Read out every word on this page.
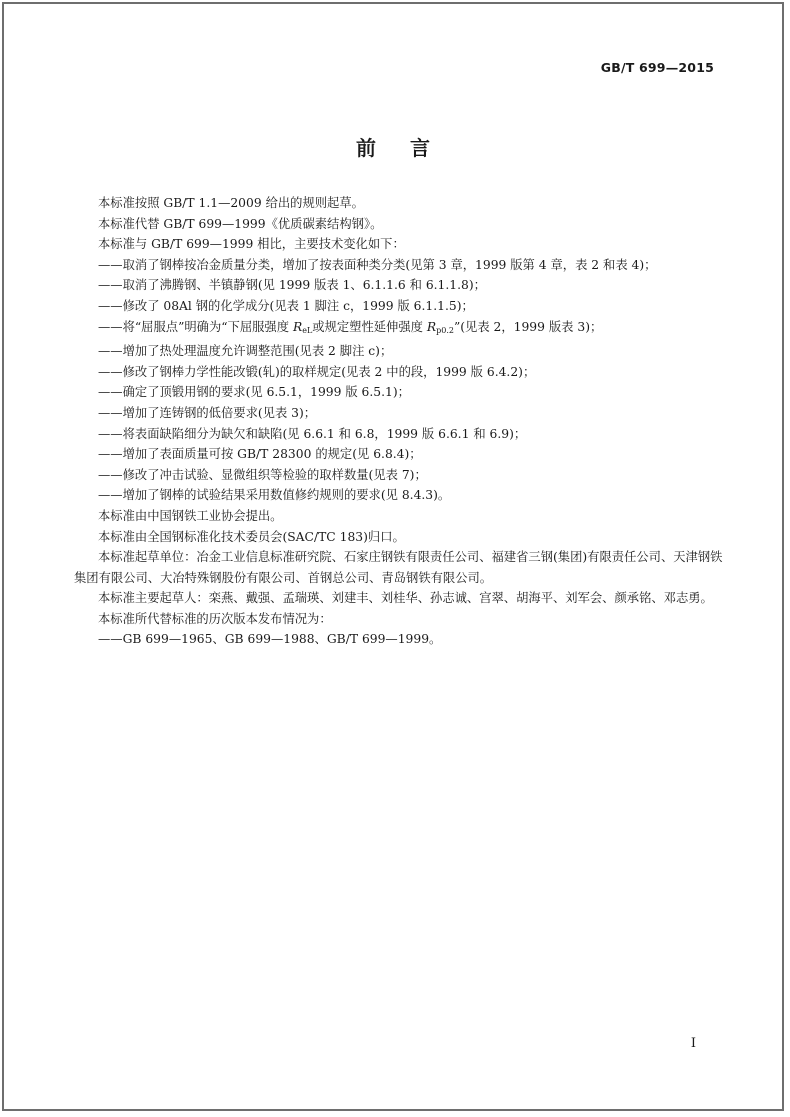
GB/T 699—2015
前言

本标准按照 GB/T 1.1—2009 给出的规则起草。

本标准代替 GB/T 699—1999《优质碳素结构钢》。

本标准与 GB/T 699—1999 相比，主要技术变化如下：

——取消了钢棒按冶金质量分类，增加了按表面种类分类(见第 3 章，1999 版第 4 章，表 2 和表 4)；

——取消了沸腾钢、半镇静钢(见 1999 版表 1、6.1.1.6 和 6.1.1.8)；

——修改了 08Al 钢的化学成分(见表 1 脚注 c，1999 版 6.1.1.5)；

——将“屈服点”明确为“下屈服强度 $R_{eL}$或规定塑性延伸强度 $R_{p0.2}$”(见表 2，1999 版表 3)；

——增加了热处理温度允许调整范围(见表 2 脚注 c)；

——修改了钢棒力学性能改锻(轧)的取样规定(见表 2 中的段，1999 版 6.4.2)；

——确定了顶锻用钢的要求(见 6.5.1，1999 版 6.5.1)；

——增加了连铸钢的低倍要求(见表 3)；

——将表面缺陷细分为缺欠和缺陷(见 6.6.1 和 6.8，1999 版 6.6.1 和 6.9)；

——增加了表面质量可按 GB/T 28300 的规定(见 6.8.4)；

——修改了冲击试验、显微组织等检验的取样数量(见表 7)；

——增加了钢棒的试验结果采用数值修约规则的要求(见 8.4.3)。

本标准由中国钢铁工业协会提出。

本标准由全国钢标准化技术委员会(SAC/TC 183)归口。

本标准起草单位：冶金工业信息标准研究院、石家庄钢铁有限责任公司、福建省三钢(集团)有限责任公司、天津钢铁集团有限公司、大冶特殊钢股份有限公司、首钢总公司、青岛钢铁有限公司。

本标准主要起草人：栾燕、戴强、孟瑞瑛、刘建丰、刘桂华、孙志诚、宫翠、胡海平、刘军会、颜承铭、邓志勇。

本标准所代替标准的历次版本发布情况为：

——GB 699—1965、GB 699—1988、GB/T 699—1999。

I
